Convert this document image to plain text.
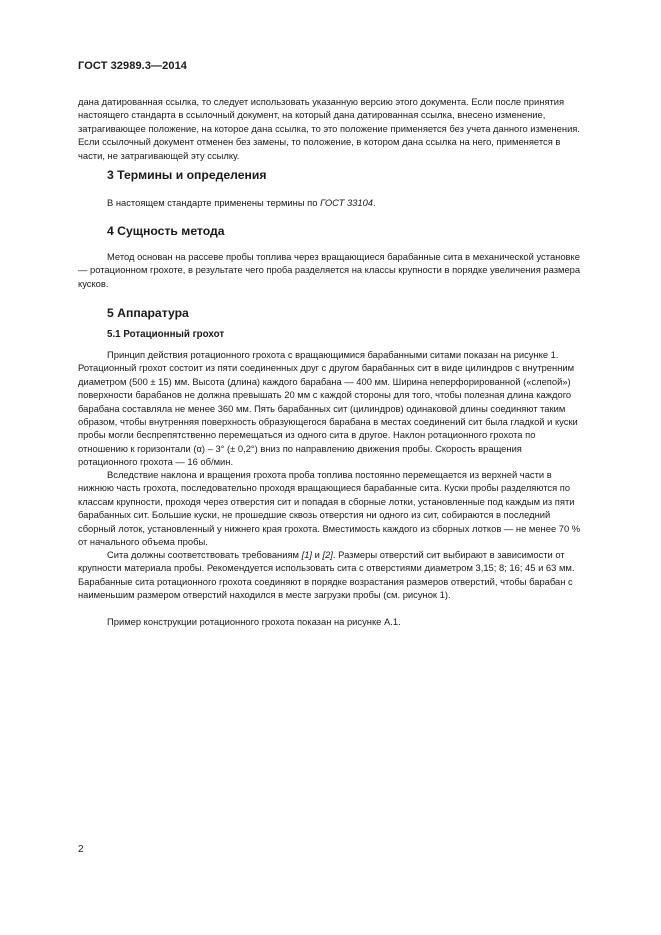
ГОСТ 32989.3—2014

дана датированная ссылка, то следует использовать указанную версию этого документа. Если после принятия настоящего стандарта в ссылочный документ, на который дана датированная ссылка, внесено изменение, затрагивающее положение, на которое дана ссылка, то это положение применяется без учета данного изменения. Если ссылочный документ отменен без замены, то положение, в котором дана ссылка на него, применяется в части, не затрагивающей эту ссылку.

3 Термины и определения

В настоящем стандарте применены термины по ГОСТ 33104.

4 Сущность метода

Метод основан на рассеве пробы топлива через вращающиеся барабанные сита в механической установке — ротационном грохоте, в результате чего проба разделяется на классы крупности в порядке увеличения размера кусков.

5 Аппаратура
5.1 Ротационный грохот

Принцип действия ротационного грохота с вращающимися барабанными ситами показан на рисунке 1. Ротационный грохот состоит из пяти соединенных друг с другом барабанных сит в виде цилиндров с внутренним диаметром (500 ± 15) мм. Высота (длина) каждого барабана — 400 мм. Ширина неперфорированной («слепой») поверхности барабанов не должна превышать 20 мм с каждой стороны для того, чтобы полезная длина каждого барабана составляла не менее 360 мм. Пять барабанных сит (цилиндров) одинаковой длины соединяют таким образом, чтобы внутренняя поверхность образующегося барабана в местах соединений сит была гладкой и куски пробы могли беспрепятственно перемещаться из одного сита в другое. Наклон ротационного грохота по отношению к горизонтали (α) – 3° (± 0,2°) вниз по направлению движения пробы. Скорость вращения ротационного грохота — 16 об/мин.

Вследствие наклона и вращения грохота проба топлива постоянно перемещается из верхней части в нижнюю часть грохота, последовательно проходя вращающиеся барабанные сита. Куски пробы разделяются по классам крупности, проходя через отверстия сит и попадая в сборные лотки, установленные под каждым из пяти барабанных сит. Большие куски, не прошедшие сквозь отверстия ни одного из сит, собираются в последний сборный лоток, установленный у нижнего края грохота. Вместимость каждого из сборных лотков — не менее 70 % от начального объема пробы.

Сита должны соответствовать требованиям [1] и [2]. Размеры отверстий сит выбирают в зависимости от крупности материала пробы. Рекомендуется использовать сита с отверстиями диаметром 3,15; 8; 16; 45 и 63 мм. Барабанные сита ротационного грохота соединяют в порядке возрастания размеров отверстий, чтобы барабан с наименьшим размером отверстий находился в месте загрузки пробы (см. рисунок 1).

Пример конструкции ротационного грохота показан на рисунке А.1.

2
